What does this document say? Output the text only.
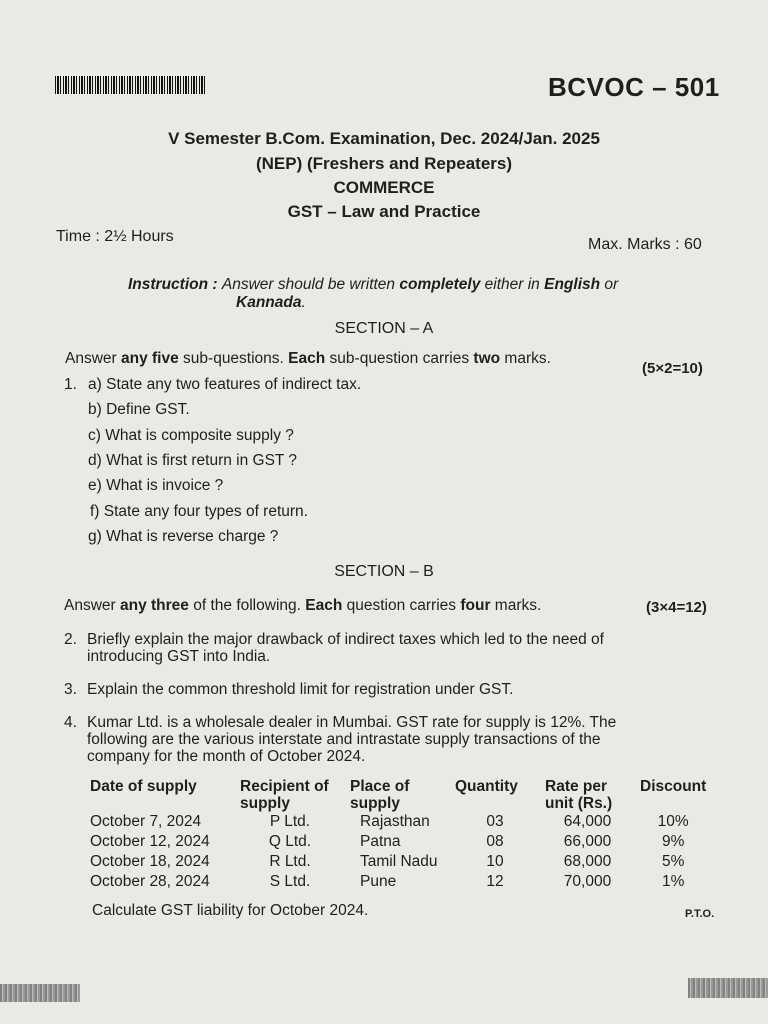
BCVOC – 501
V Semester B.Com. Examination, Dec. 2024/Jan. 2025
(NEP) (Freshers and Repeaters)
COMMERCE
GST – Law and Practice
Time : 2½ Hours	Max. Marks : 60
Instruction : Answer should be written completely either in English or
Kannada.
SECTION – A
Answer any five sub-questions. Each sub-question carries two marks.
(5×2=10)
1. a) State any two features of indirect tax.
b) Define GST.
c) What is composite supply ?
d) What is first return in GST ?
e) What is invoice ?
f) State any four types of return.
g) What is reverse charge ?
SECTION – B
Answer any three of the following. Each question carries four marks.	(3×4=12)
2. Briefly explain the major drawback of indirect taxes which led to the need of
introducing GST into India.
3. Explain the common threshold limit for registration under GST.
4. Kumar Ltd. is a wholesale dealer in Mumbai. GST rate for supply is 12%. The
following are the various interstate and intrastate supply transactions of the
company for the month of October 2024.
Date of supply	Recipient of supply	Place of supply	Quantity	Rate per unit (Rs.)	Discount
October 7, 2024	P Ltd.	Rajasthan	03	64,000	10%
October 12, 2024	Q Ltd.	Patna	08	66,000	9%
October 18, 2024	R Ltd.	Tamil Nadu	10	68,000	5%
October 28, 2024	S Ltd.	Pune	12	70,000	1%
Calculate GST liability for October 2024.	P.T.O.
